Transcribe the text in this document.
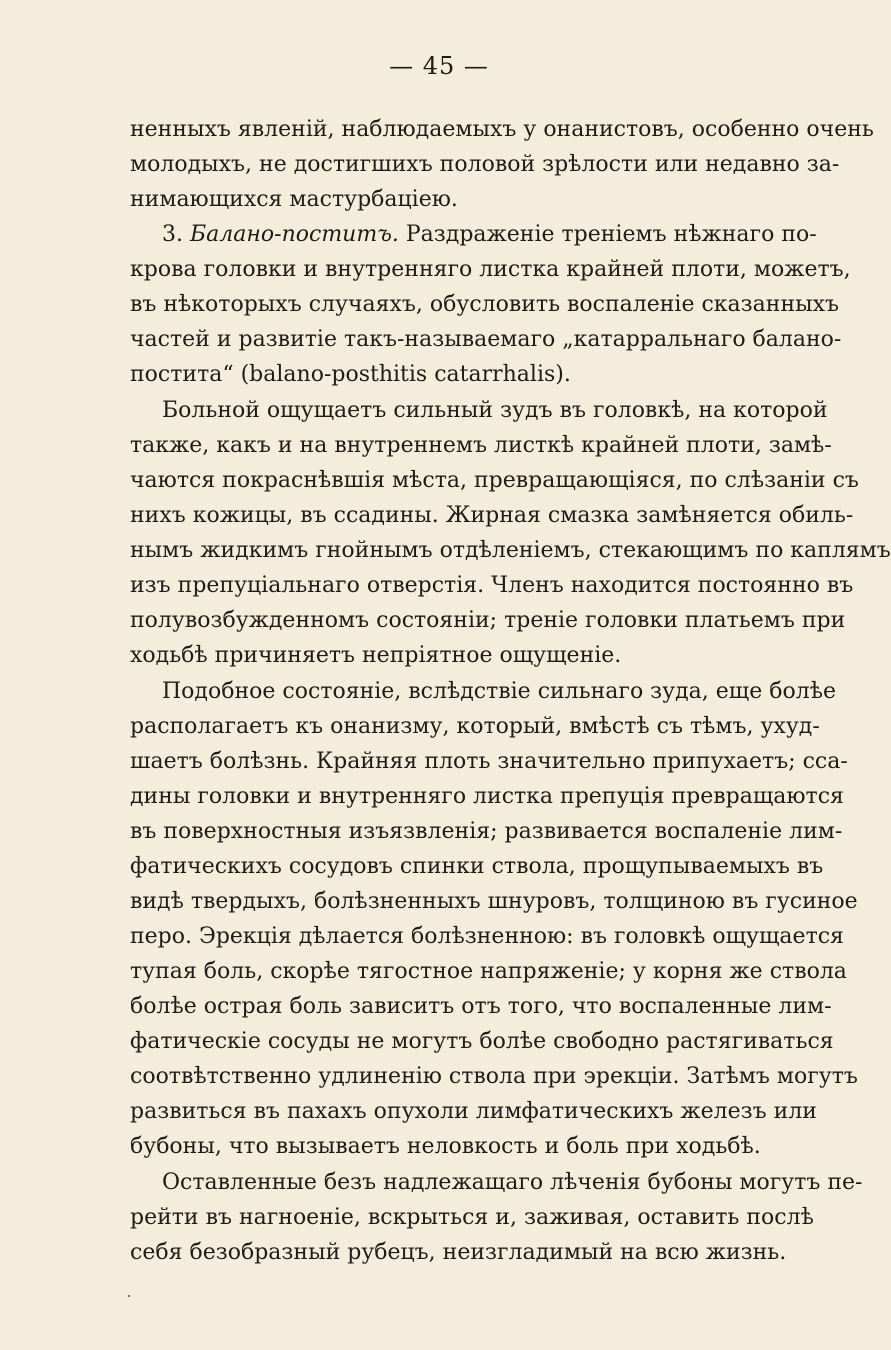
— 45 —
ненныхъ явленій, наблюдаемыхъ у онанистовъ, особенно очень
молодыхъ, не достигшихъ половой зрѣлости или недавно за-
нимающихся мастурбацiею.
3. Балано-поститъ. Раздраженіе треніемъ нѣжнаго по-
крова головки и внутренняго листка крайней плоти, можетъ,
въ нѣкоторыхъ случаяхъ, обусловить воспаленіе сказанныхъ
частей и развитіе такъ-называемаго „катарральнаго балано-
постита“ (balano-posthitis catarrhalis).
Больной ощущаетъ сильный зудъ въ головкѣ, на которой
также, какъ и на внутреннемъ листкѣ крайней плоти, замѣ-
чаются покраснѣвшія мѣста, превращающіяся, по слѣзаніи съ
нихъ кожицы, въ ссадины. Жирная смазка замѣняется обиль-
нымъ жидкимъ гнойнымъ отдѣленіемъ, стекающимъ по каплямъ
изъ препуціальнаго отверстія. Членъ находится постоянно въ
полувозбужденномъ состояніи; треніе головки платьемъ при
ходьбѣ причиняетъ непріятное ощущеніе.
Подобное состояніе, вслѣдствіе сильнаго зуда, еще болѣе
располагаетъ къ онанизму, который, вмѣстѣ съ тѣмъ, ухуд-
шаетъ болѣзнь. Крайняя плоть значительно припухаетъ; сса-
дины головки и внутренняго листка препуція превращаются
въ поверхностныя изъязвленія; развивается воспаленіе лим-
фатическихъ сосудовъ спинки ствола, прощупываемыхъ въ
видѣ твердыхъ, болѣзненныхъ шнуровъ, толщиною въ гусиное
перо. Эрекція дѣлается болѣзненною: въ головкѣ ощущается
тупая боль, скорѣе тягостное напряженіе; у корня же ствола
болѣе острая боль зависитъ отъ того, что воспаленные лим-
фатическіе сосуды не могутъ болѣе свободно растягиваться
соотвѣтственно удлиненію ствола при эрекціи. Затѣмъ могутъ
развиться въ пахахъ опухоли лимфатическихъ железъ или
бубоны, что вызываетъ неловкость и боль при ходьбѣ.
Оставленные безъ надлежащаго лѣченія бубоны могутъ пе-
рейти въ нагноеніе, вскрыться и, заживая, оставить послѣ
себя безобразный рубецъ, неизгладимый на всю жизнь.
